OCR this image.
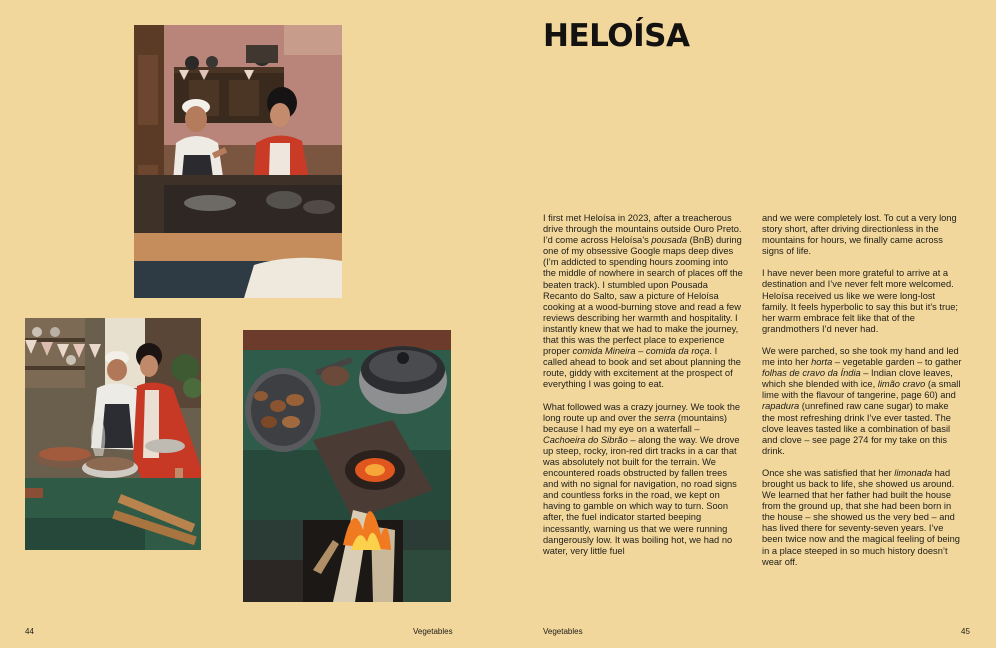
HELOÍSA

I first met Heloísa in 2023, after a treacherous drive through the mountains outside Ouro Preto. I’d come across Heloísa’s pousada (BnB) during one of my obsessive Google maps deep dives (I’m addicted to spending hours zooming into the middle of nowhere in search of places off the beaten track). I stumbled upon Pousada Recanto do Salto, saw a picture of Heloísa cooking at a wood-burning stove and read a few reviews describing her warmth and hospitality. I instantly knew that we had to make the journey, that this was the perfect place to experience proper comida Mineira – comida da roça. I called ahead to book and set about planning the route, giddy with excitement at the prospect of everything I was going to eat.

What followed was a crazy journey. We took the long route up and over the serra (mountains) because I had my eye on a waterfall – Cachoeira do Sibrão – along the way. We drove up steep, rocky, iron-red dirt tracks in a car that was absolutely not built for the terrain. We encountered roads obstructed by fallen trees and with no signal for navigation, no road signs and countless forks in the road, we kept on having to gamble on which way to turn. Soon after, the fuel indicator started beeping incessantly, warning us that we were running dangerously low. It was boiling hot, we had no water, very little fuel

and we were completely lost. To cut a very long story short, after driving directionless in the mountains for hours, we finally came across signs of life.

I have never been more grateful to arrive at a destination and I’ve never felt more welcomed. Heloísa received us like we were long-lost family. It feels hyperbolic to say this but it’s true; her warm embrace felt like that of the grandmothers I’d never had.

We were parched, so she took my hand and led me into her horta – vegetable garden – to gather folhas de cravo da Índia – Indian clove leaves, which she blended with ice, limão cravo (a small lime with the flavour of tangerine, page 60) and rapadura (unrefined raw cane sugar) to make the most refreshing drink I’ve ever tasted. The clove leaves tasted like a combination of basil and clove – see page 274 for my take on this drink.

Once she was satisfied that her limonada had brought us back to life, she showed us around. We learned that her father had built the house from the ground up, that she had been born in the house – she showed us the very bed – and has lived there for seventy-seven years. I’ve been twice now and the magical feeling of being in a place steeped in so much history doesn’t wear off.

44	Vegetables	Vegetables	45
